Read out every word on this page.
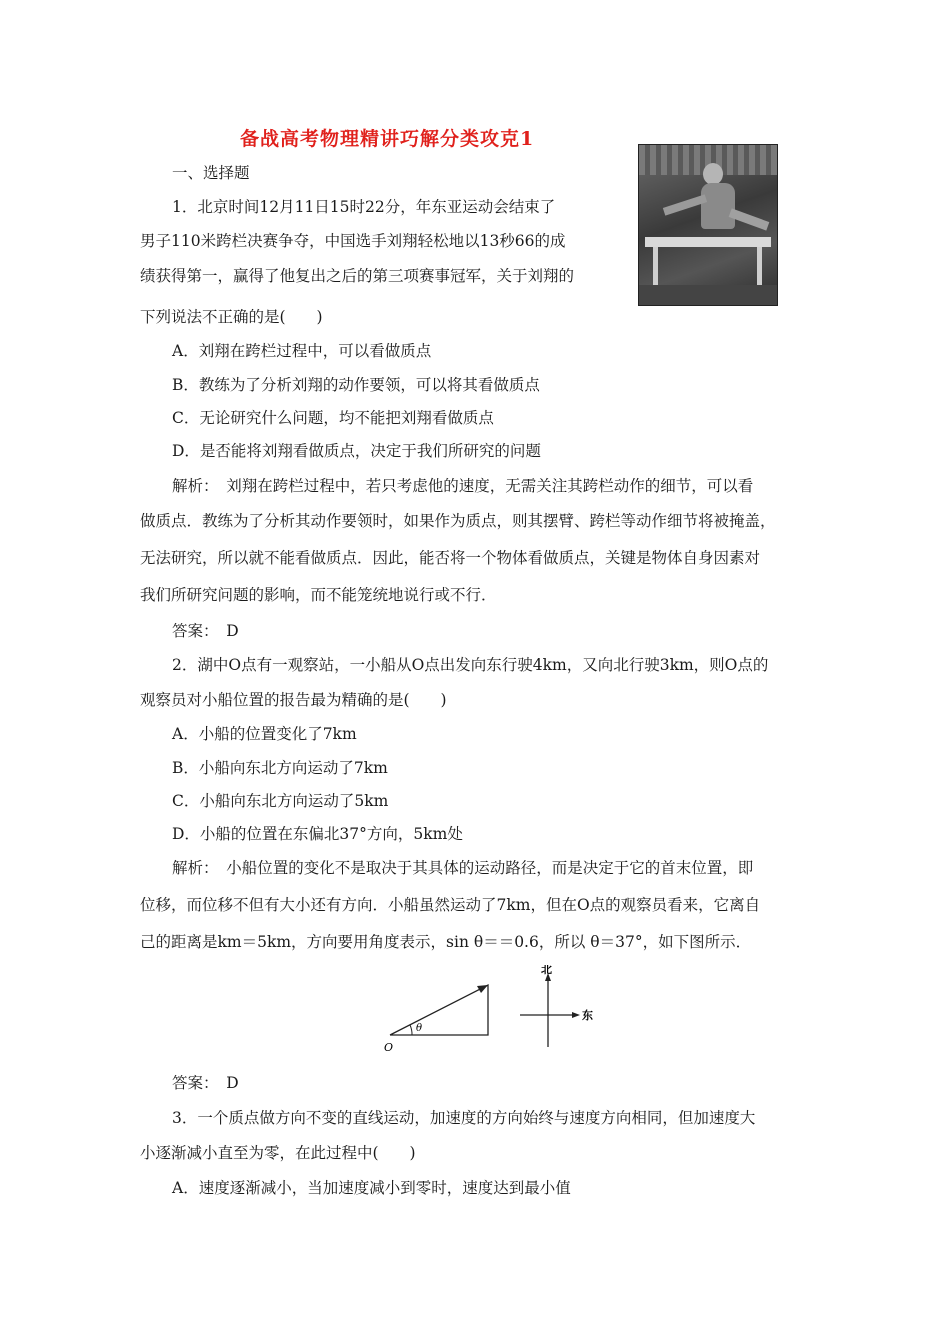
备战高考物理精讲巧解分类攻克1
一、选择题
1．北京时间12月11日15时22分，年东亚运动会结束了
男子110米跨栏决赛争夺，中国选手刘翔轻松地以13秒66的成
绩获得第一，赢得了他复出之后的第三项赛事冠军，关于刘翔的
下列说法不正确的是(　　)
A．刘翔在跨栏过程中，可以看做质点
B．教练为了分析刘翔的动作要领，可以将其看做质点
C．无论研究什么问题，均不能把刘翔看做质点
D．是否能将刘翔看做质点，决定于我们所研究的问题
解析：　刘翔在跨栏过程中，若只考虑他的速度，无需关注其跨栏动作的细节，可以看
做质点．教练为了分析其动作要领时，如果作为质点，则其摆臂、跨栏等动作细节将被掩盖，
无法研究，所以就不能看做质点．因此，能否将一个物体看做质点，关键是物体自身因素对
我们所研究问题的影响，而不能笼统地说行或不行．
答案：　D
2．湖中O点有一观察站，一小船从O点出发向东行驶4km，又向北行驶3km，则O点的
观察员对小船位置的报告最为精确的是(　　)
A．小船的位置变化了7km
B．小船向东北方向运动了7km
C．小船向东北方向运动了5km
D．小船的位置在东偏北37°方向，5km处
解析：　小船位置的变化不是取决于其具体的运动路径，而是决定于它的首末位置，即
位移，而位移不但有大小还有方向．小船虽然运动了7km，但在O点的观察员看来，它离自
己的距离是km＝5km，方向要用角度表示，sin θ＝＝0.6，所以 θ＝37°，如下图所示．
θ
O
北
东
答案：　D
3．一个质点做方向不变的直线运动，加速度的方向始终与速度方向相同，但加速度大
小逐渐减小直至为零，在此过程中(　　)
A．速度逐渐减小，当加速度减小到零时，速度达到最小值
